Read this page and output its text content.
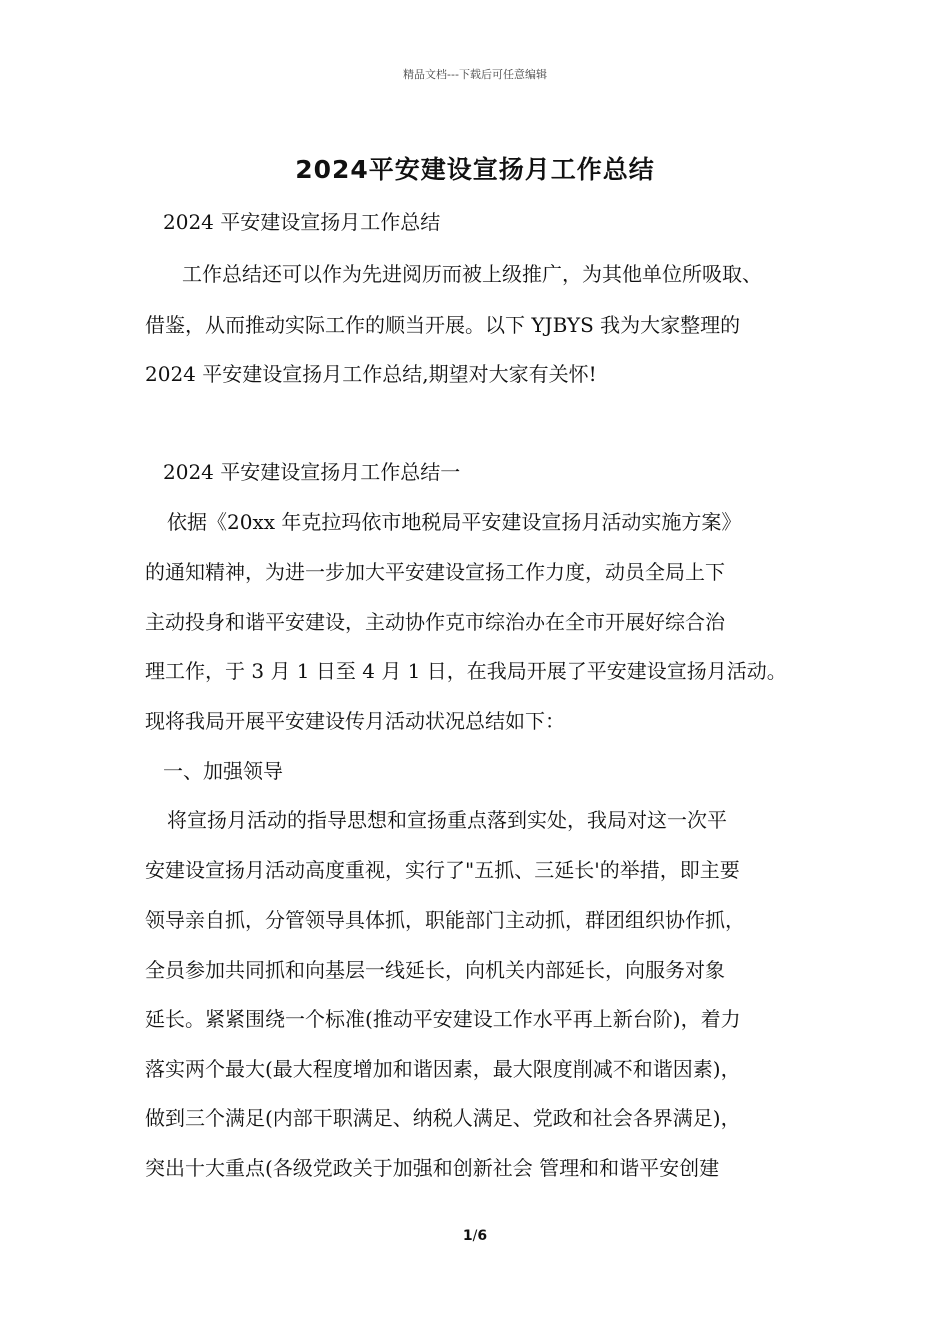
精品文档---下载后可任意编辑
2024平安建设宣扬月工作总结
2024 平安建设宣扬月工作总结
工作总结还可以作为先进阅历而被上级推广，为其他单位所吸取、
借鉴，从而推动实际工作的顺当开展。以下 YJBYS 我为大家整理的
2024 平安建设宣扬月工作总结,期望对大家有关怀!
2024 平安建设宣扬月工作总结一
依据《20xx 年克拉玛依市地税局平安建设宣扬月活动实施方案》
的通知精神，为进一步加大平安建设宣扬工作力度，动员全局上下
主动投身和谐平安建设，主动协作克市综治办在全市开展好综合治
理工作，于 3 月 1 日至 4 月 1 日，在我局开展了平安建设宣扬月活动。
现将我局开展平安建设传月活动状况总结如下：
一、加强领导
将宣扬月活动的指导思想和宣扬重点落到实处，我局对这一次平
安建设宣扬月活动高度重视，实行了"五抓、三延长'的举措，即主要
领导亲自抓，分管领导具体抓，职能部门主动抓，群团组织协作抓，
全员参加共同抓和向基层一线延长，向机关内部延长，向服务对象
延长。紧紧围绕一个标准(推动平安建设工作水平再上新台阶)，着力
落实两个最大(最大程度增加和谐因素，最大限度削减不和谐因素)，
做到三个满足(内部干职满足、纳税人满足、党政和社会各界满足)，
突出十大重点(各级党政关于加强和创新社会 管理和和谐平安创建
1/6
